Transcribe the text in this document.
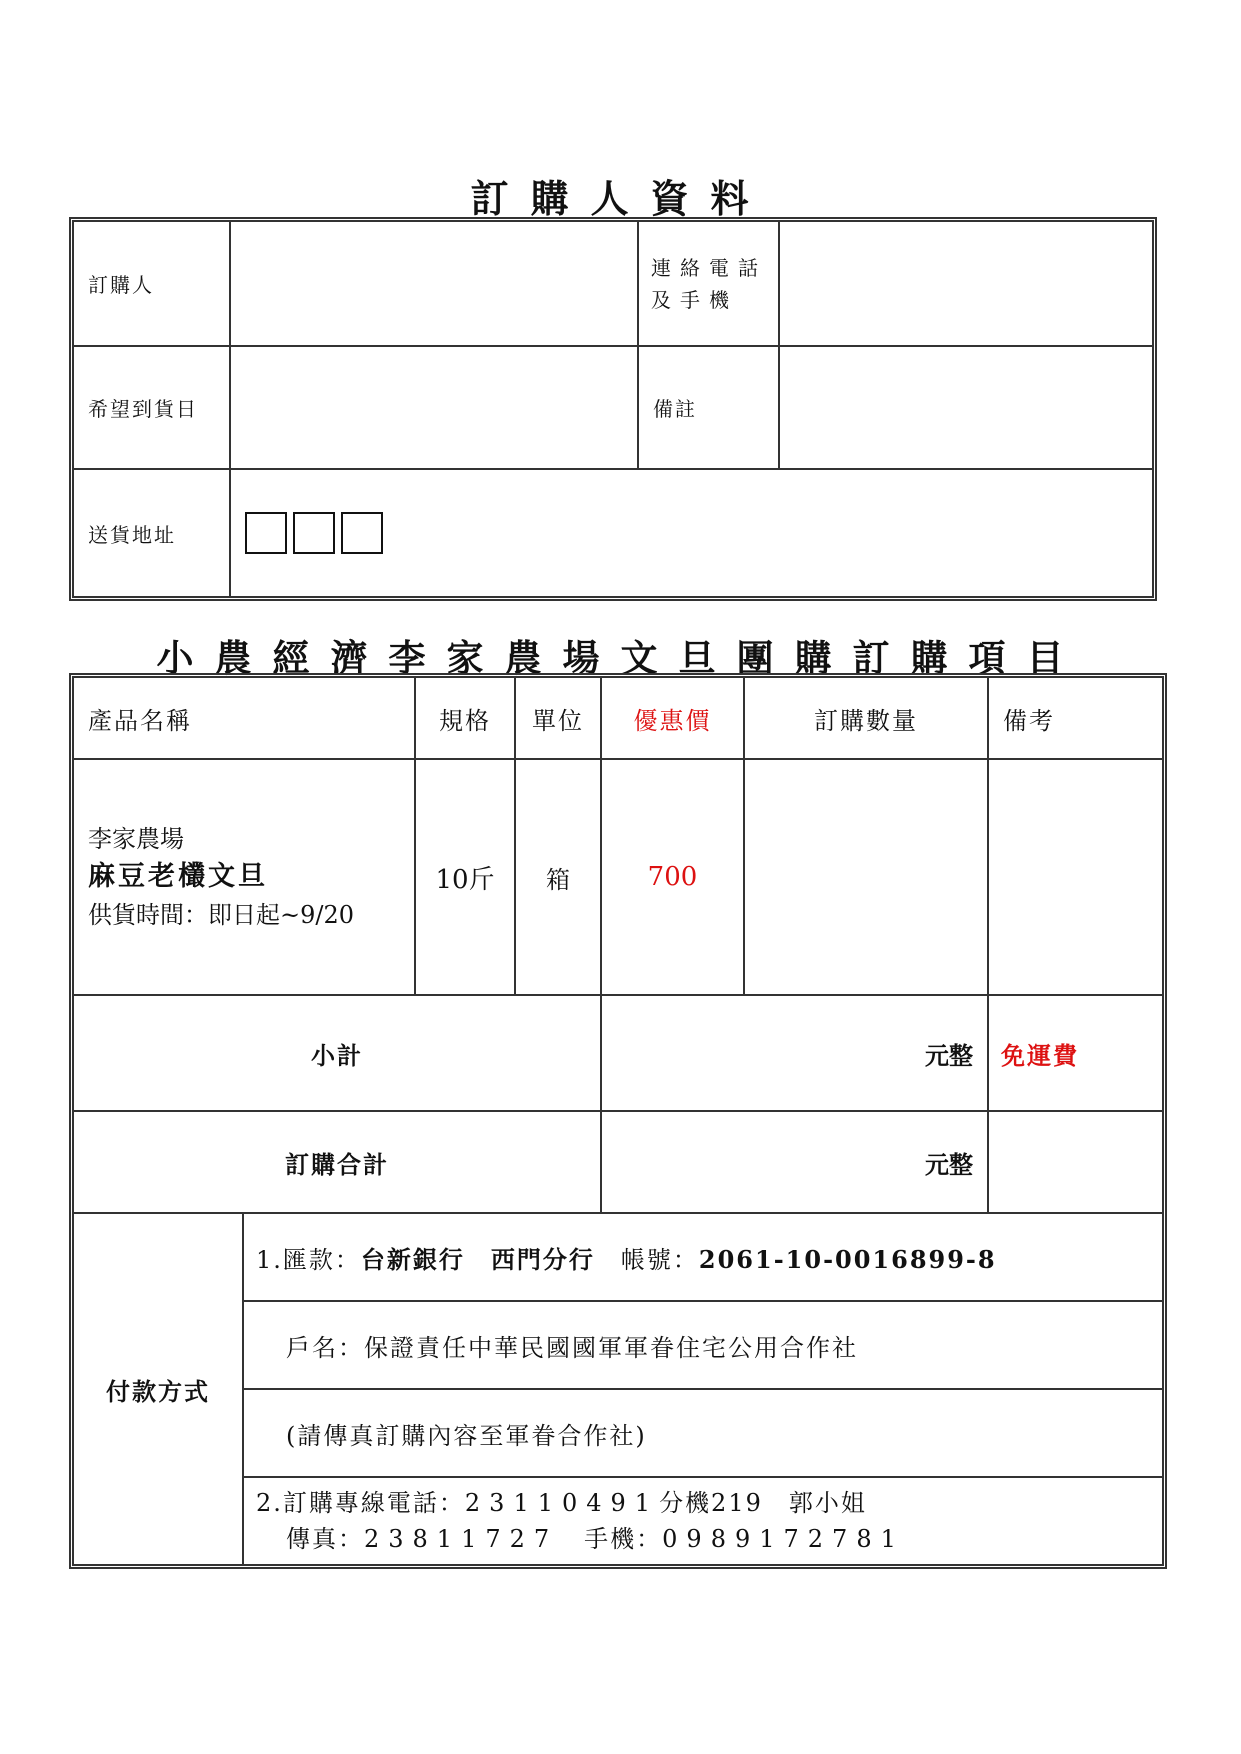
訂購人資料
訂購人		連絡電話
及手機	

希望到貨日		備註	
送貨地址			
小農經濟李家農場文旦團購訂購項目
產品名稱		規格	單位	優惠價	訂購數量	備考

李家農場
麻豆老欉文旦
供貨時間：即日起~9/20		10斤	箱	700		
小計				元整		免運費
訂購合計				元整		
付款方式	1.匯款：台新銀行　西門分行　 帳號：2061-10-0016899-8					
	戶名：保證責任中華民國國軍軍眷住宅公用合作社					
	(請傳真訂購內容至軍眷合作社)					

	2.訂購專線電話：23110491分機219　 郭小姐
傳真：23811727　 手機：0989172781					
